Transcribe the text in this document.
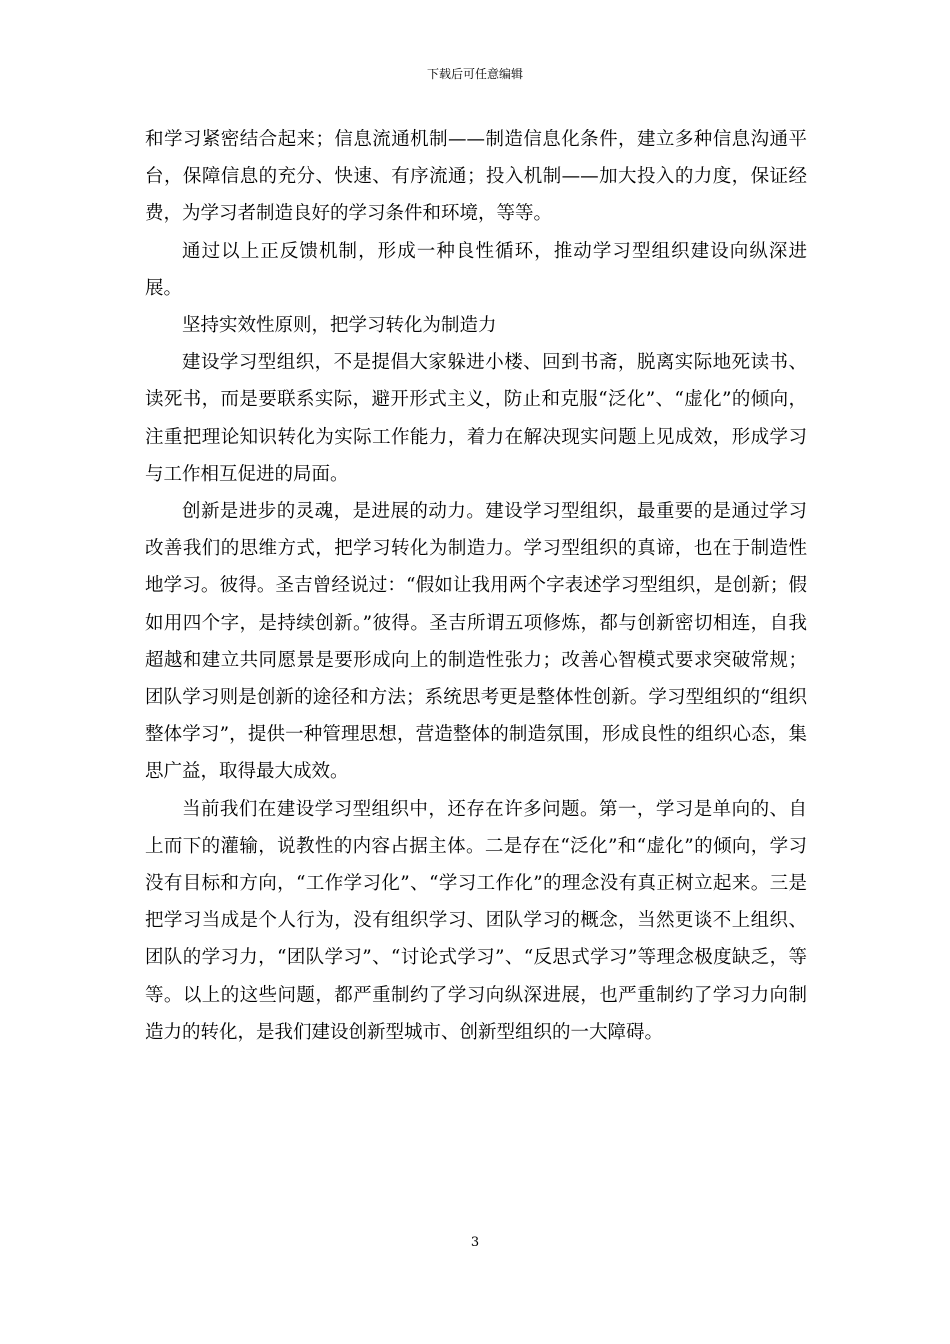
下载后可任意编辑

和学习紧密结合起来；信息流通机制——制造信息化条件，建立多种信息沟通平台，保障信息的充分、快速、有序流通；投入机制——加大投入的力度，保证经费，为学习者制造良好的学习条件和环境，等等。

通过以上正反馈机制，形成一种良性循环，推动学习型组织建设向纵深进展。

坚持实效性原则，把学习转化为制造力

建设学习型组织，不是提倡大家躲进小楼、回到书斋，脱离实际地死读书、读死书，而是要联系实际，避开形式主义，防止和克服“泛化”、“虚化”的倾向，注重把理论知识转化为实际工作能力，着力在解决现实问题上见成效，形成学习与工作相互促进的局面。

创新是进步的灵魂，是进展的动力。建设学习型组织，最重要的是通过学习改善我们的思维方式，把学习转化为制造力。学习型组织的真谛，也在于制造性地学习。彼得。圣吉曾经说过：“假如让我用两个字表述学习型组织，是创新；假如用四个字，是持续创新。”彼得。圣吉所谓五项修炼，都与创新密切相连，自我超越和建立共同愿景是要形成向上的制造性张力；改善心智模式要求突破常规；团队学习则是创新的途径和方法；系统思考更是整体性创新。学习型组织的“组织整体学习”，提供一种管理思想，营造整体的制造氛围，形成良性的组织心态，集思广益，取得最大成效。

当前我们在建设学习型组织中，还存在许多问题。第一，学习是单向的、自上而下的灌输，说教性的内容占据主体。二是存在“泛化”和“虚化”的倾向，学习没有目标和方向，“工作学习化”、“学习工作化”的理念没有真正树立起来。三是把学习当成是个人行为，没有组织学习、团队学习的概念，当然更谈不上组织、团队的学习力，“团队学习”、“讨论式学习”、“反思式学习”等理念极度缺乏，等等。以上的这些问题，都严重制约了学习向纵深进展，也严重制约了学习力向制造力的转化，是我们建设创新型城市、创新型组织的一大障碍。

3
